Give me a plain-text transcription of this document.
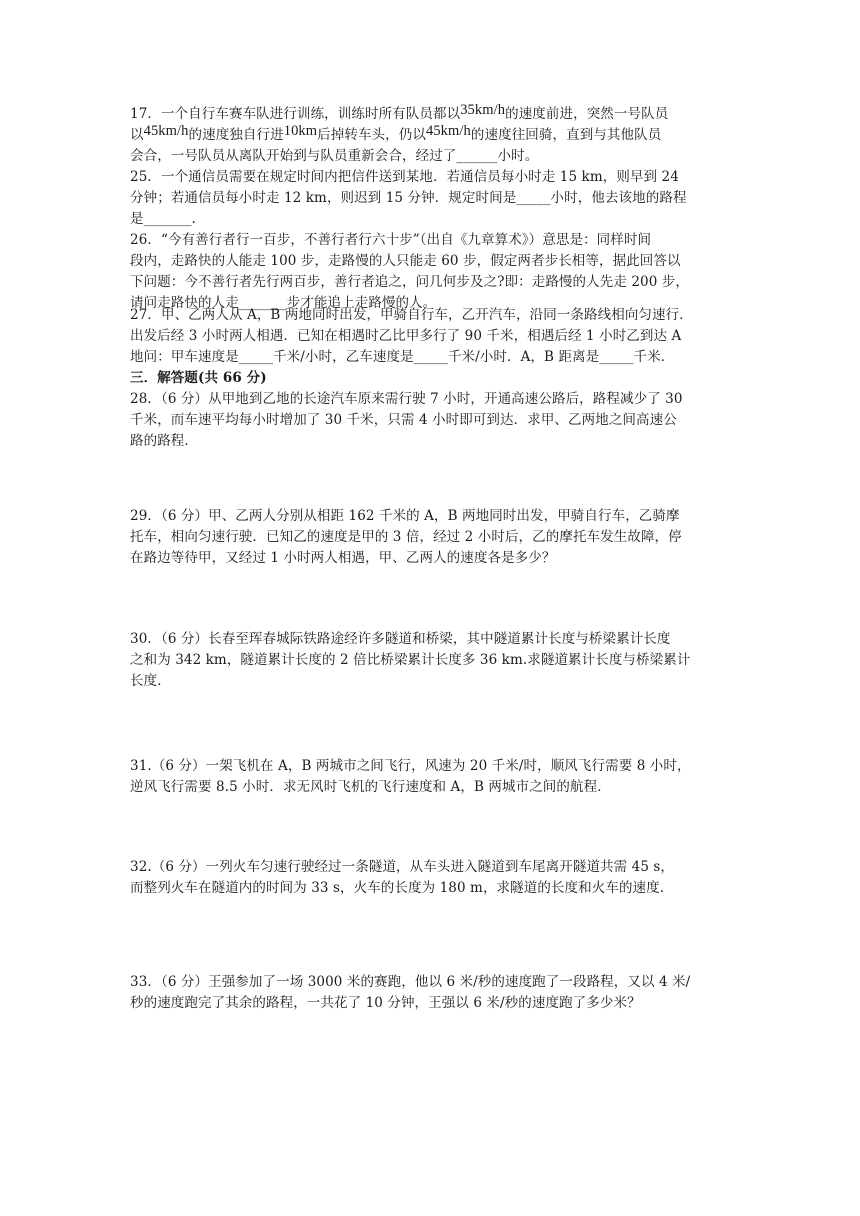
17．一个自行车赛车队进行训练，训练时所有队员都以35km/h的速度前进，突然一号队员
以45km/h的速度独自行进10km后掉转车头，仍以45km/h的速度往回骑，直到与其他队员
会合，一号队员从离队开始到与队员重新会合，经过了______小时。
25．一个通信员需要在规定时间内把信件送到某地．若通信员每小时走 15 km，则早到 24
分钟；若通信员每小时走 12 km，则迟到 15 分钟．规定时间是_____小时，他去该地的路程
是_______.
26．“今有善行者行一百步，不善行者行六十步”（出自《九章算术》）意思是：同样时间
段内，走路快的人能走 100 步，走路慢的人只能走 60 步，假定两者步长相等，据此回答以
下问题：今不善行者先行两百步，善行者追之，问几何步及之?即：走路慢的人先走 200 步，
请问走路快的人走_______步才能追上走路慢的人。
27．甲、乙两人从 A，B 两地同时出发，甲骑自行车，乙开汽车，沿同一条路线相向匀速行．
出发后经 3 小时两人相遇．已知在相遇时乙比甲多行了 90 千米，相遇后经 1 小时乙到达 A
地问：甲车速度是_____千米/小时，乙车速度是_____千米/小时．A，B 距离是_____千米．
三．解答题(共 66 分)
28．（6 分）从甲地到乙地的长途汽车原来需行驶 7 小时，开通高速公路后，路程减少了 30
千米，而车速平均每小时增加了 30 千米，只需 4 小时即可到达．求甲、乙两地之间高速公
路的路程．
29．（6 分）甲、乙两人分别从相距 162 千米的 A，B 两地同时出发，甲骑自行车，乙骑摩
托车，相向匀速行驶．已知乙的速度是甲的 3 倍，经过 2 小时后，乙的摩托车发生故障，停
在路边等待甲，又经过 1 小时两人相遇，甲、乙两人的速度各是多少？
30．（6 分）长春至珲春城际铁路途经许多隧道和桥梁，其中隧道累计长度与桥梁累计长度
之和为 342 km，隧道累计长度的 2 倍比桥梁累计长度多 36 km.求隧道累计长度与桥梁累计
长度．
31.（6 分）一架飞机在 A，B 两城市之间飞行，风速为 20 千米/时，顺风飞行需要 8 小时，
逆风飞行需要 8.5 小时．求无风时飞机的飞行速度和 A，B 两城市之间的航程．
32.（6 分）一列火车匀速行驶经过一条隧道，从车头进入隧道到车尾离开隧道共需 45 s，
而整列火车在隧道内的时间为 33 s，火车的长度为 180 m，求隧道的长度和火车的速度．
33．（6 分）王强参加了一场 3000 米的赛跑，他以 6 米/秒的速度跑了一段路程，又以 4 米/
秒的速度跑完了其余的路程，一共花了 10 分钟，王强以 6 米/秒的速度跑了多少米？
